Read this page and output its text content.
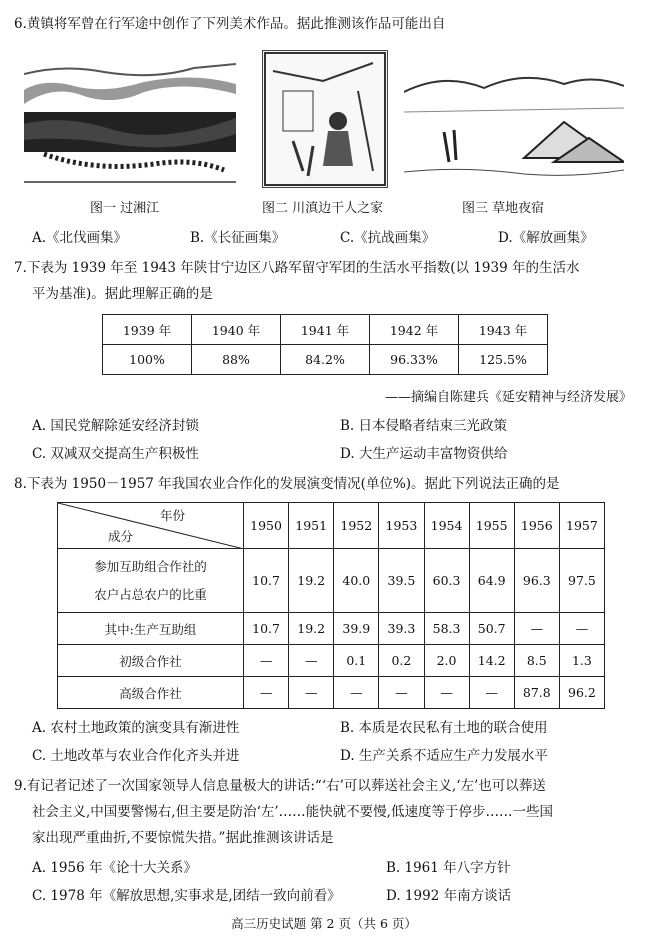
6.黄镇将军曾在行军途中创作了下列美术作品。据此推测该作品可能出自
图一 过湘江	图二 川滇边干人之家	图三 草地夜宿
A.《北伐画集》	B.《长征画集》	C.《抗战画集》	D.《解放画集》
7.下表为 1939 年至 1943 年陕甘宁边区八路军留守军团的生活水平指数(以 1939 年的生活水
平为基准)。据此理解正确的是
1939 年	1940 年	1941 年	1942 年	1943 年
100%	88%	84.2%	96.33%	125.5%
——摘编自陈建兵《延安精神与经济发展》
A. 国民党解除延安经济封锁	B. 日本侵略者结束三光政策
C. 双减双交提高生产积极性	D. 大生产运动丰富物资供给
8.下表为 1950－1957 年我国农业合作化的发展演变情况(单位%)。据此下列说法正确的是
年份
成分	1950	1951	1952	1953	1954	1955	1956	1957

参加互助组合作社的
农户占总农户的比重	10.7	19.2	40.0	39.5	60.3	64.9	96.3	97.5
其中:生产互助组	10.7	19.2	39.9	39.3	58.3	50.7	—	—
初级合作社	—	—	0.1	0.2	2.0	14.2	8.5	1.3
高级合作社	—	—	—	—	—	—	87.8	96.2
A. 农村土地政策的演变具有渐进性	B. 本质是农民私有土地的联合使用
C. 土地改革与农业合作化齐头并进	D. 生产关系不适应生产力发展水平
9.有记者记述了一次国家领导人信息量极大的讲话:“‘右’可以葬送社会主义,‘左’也可以葬送
社会主义,中国要警惕右,但主要是防治‘左’……能快就不要慢,低速度等于停步……一些国
家出现严重曲折,不要惊慌失措。”据此推测该讲话是
A. 1956 年《论十大关系》	B. 1961 年八字方针
C. 1978 年《解放思想,实事求是,团结一致向前看》	D. 1992 年南方谈话
高三历史试题 第 2 页（共 6 页）
